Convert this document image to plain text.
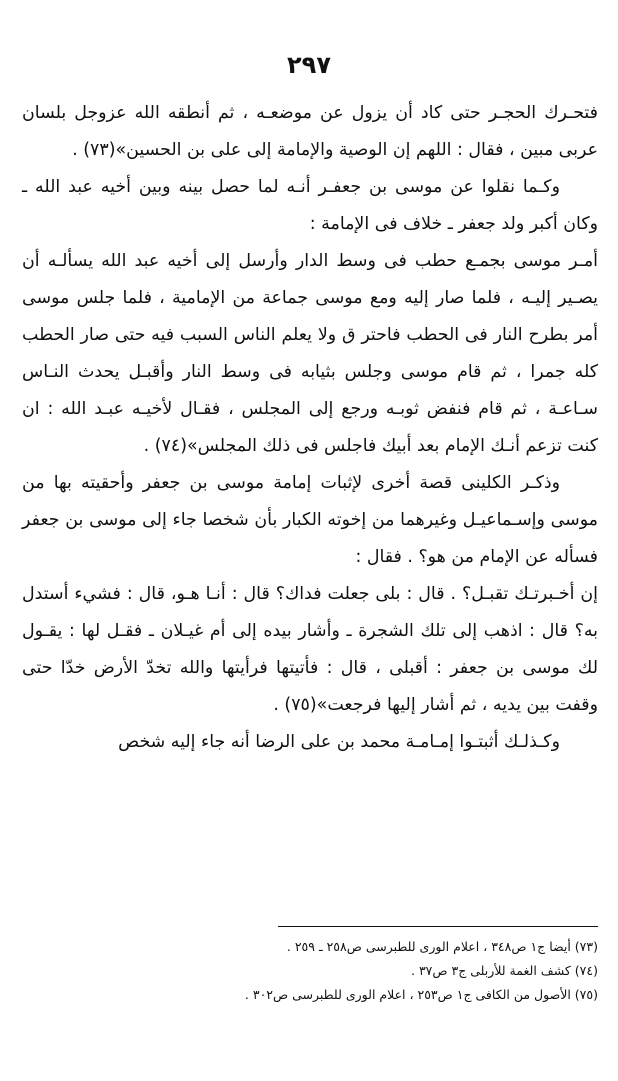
٢٩٧

فتحـرك الحجـر حتى كاد أن يزول عن موضعـه ، ثم أنطقه الله عزوجل بلسان عربى مبين ، فقال : اللهم إن الوصية والإمامة إلى على بن الحسين»(٧٣) .

وكـما نقلوا عن موسى بن جعفـر أنـه لما حصل بينه وبين أخيه عبد الله ـ وكان أكبر ولد جعفر ـ خلاف فى الإمامة :

أمـر موسى بجمـع حطب فى وسط الدار وأرسل إلى أخيه عبد الله يسألـه أن يصـير إليـه ، فلما صار إليه ومع موسى جماعة من الإمامية ، فلما جلس موسى أمر بطرح النار فى الحطب فاحتر ق ولا يعلم الناس السبب فيه حتى صار الحطب كله جمرا ، ثم قام موسى وجلس بثيابه فى وسط النار وأقبـل يحدث النـاس سـاعـة ، ثم قام فنفض ثوبـه ورجع إلى المجلس ، فقـال لأخيـه عبـد الله : ان كنت تزعم أنـك الإمام بعد أبيك فاجلس فى ذلك المجلس»(٧٤) .

وذكـر الكلينى قصة أخرى لإثبات إمامة موسى بن جعفر وأحقيته بها من موسى وإسـماعيـل وغيرهما من إخوته الكبار بأن شخصا جاء إلى موسى بن جعفر فسأله عن الإمام من هو؟ . فقال :

إن أخـبرتـك تقبـل؟ . قال : بلى جعلت فداك؟ قال : أنـا هـو، قال : فشيء أستدل به؟ قال : اذهب إلى تلك الشجرة ـ وأشار بيده إلى أم غيـلان ـ فقـل لها : يقـول لك موسى بن جعفر : أقبلى ، قال : فأتيتها فرأيتها والله تخدّ الأرض خدّا حتى وقفت بين يديه ، ثم أشار إليها فرجعت»(٧٥) .

وكـذلـك أثبتـوا إمـامـة محمد بن على الرضا أنه جاء إليه شخص

(٧٣) أيضا ج١ ص٣٤٨ ، اعلام الورى للطبرسى ص٢٥٨ ـ ٢٥٩ .

(٧٤) كشف الغمة للأربلى ج٣ ص٣٧ .

(٧٥) الأصول من الكافى ج١ ص٢٥٣ ، اعلام الورى للطبرسى ص٣٠٢ .
